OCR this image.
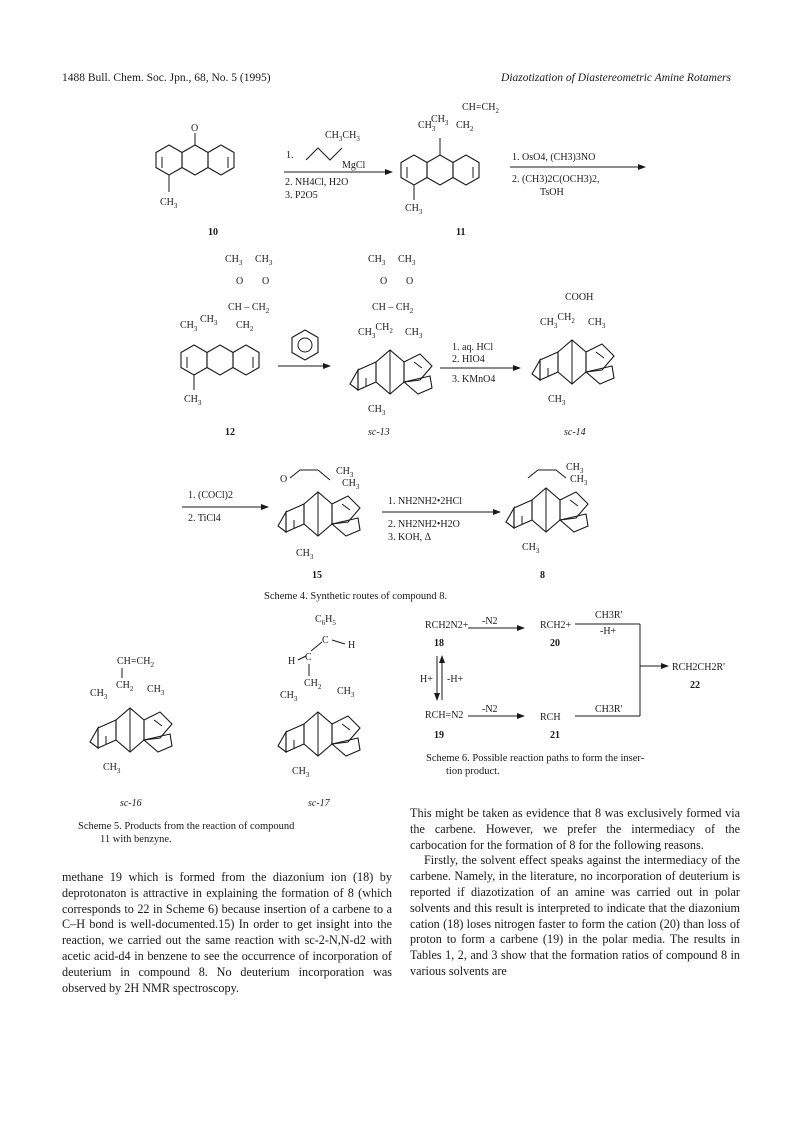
1488 Bull. Chem. Soc. Jpn., 68, No. 5 (1995)	Diazotization of Diastereometric Amine Rotamers
O
$CH_3$
10
$CH_3CH_3$
1.
MgCl
2. NH4Cl, H2O
3. P2O5
$CH_3$
$CH_3$ $CH_2$
$CH=CH_2$
$CH_3$
11
1. OsO4, (CH3)3NO
2. (CH3)2C(OCH3)2,
TsOH
$CH_3$ $CH_3$
O O
CH – $CH_2$
$CH_3$
$CH_3$ $CH_2$
$CH_3$
12
$CH_3$ $CH_3$
O O
CH – $CH_2$
$CH_3CH_2$ $CH_3$
$CH_3$
sc-13
1. aq. HCl
2. HIO4
3. KMnO4
COOH
$CH_3CH_2$ $CH_3$
$CH_3$
sc-14
1. (COCl)2
2. TiCl4
O
$CH_3$
$CH_3$
$CH_3$
15
1. NH2NH2•2HCl
2. NH2NH2•H2O
3. KOH, Δ
$CH_3$
$CH_3$
$CH_3$
8
$CH=CH_2$
$CH_2$
$CH_3$
$CH_3$
$CH_3$
sc-16
$C_6H_5$
C H
H C
$CH_2$
$CH_3$
$CH_3$
$CH_3$
sc-17
RCH2N2+ -N2	RCH2+
CH3R'
-H+
18	20
H+ -H+
RCH=N2
-N2
RCH
CH3R'
19	21
RCH2CH2R'
22
Scheme 4. Synthetic routes of compound 8.
Scheme 6. Possible reaction paths to form the inser-
tion product.
Scheme 5. Products from the reaction of compound
11 with benzyne.

methane 19 which is formed from the diazonium ion (18) by deprotonaton is attractive in explaining the formation of 8 (which corresponds to 22 in Scheme 6) because insertion of a carbene to a C–H bond is well-documented.15) In order to get insight into the reaction, we carried out the same reaction with sc-2-N,N-d2 with acetic acid-d4 in benzene to see the occurrence of incorporation of deuterium in compound 8. No deuterium incorporation was observed by 2H NMR spectroscopy.

This might be taken as evidence that 8 was exclusively formed via the carbene. However, we prefer the intermediacy of the carbocation for the formation of 8 for the following reasons.

Firstly, the solvent effect speaks against the intermediacy of the carbene. Namely, in the literature, no incorporation of deuterium is reported if diazotization of an amine was carried out in polar solvents and this result is interpreted to indicate that the diazonium cation (18) loses nitrogen faster to form the cation (20) than loss of proton to form a carbene (19) in the polar media. The results in Tables 1, 2, and 3 show that the formation ratios of compound 8 in various solvents are
